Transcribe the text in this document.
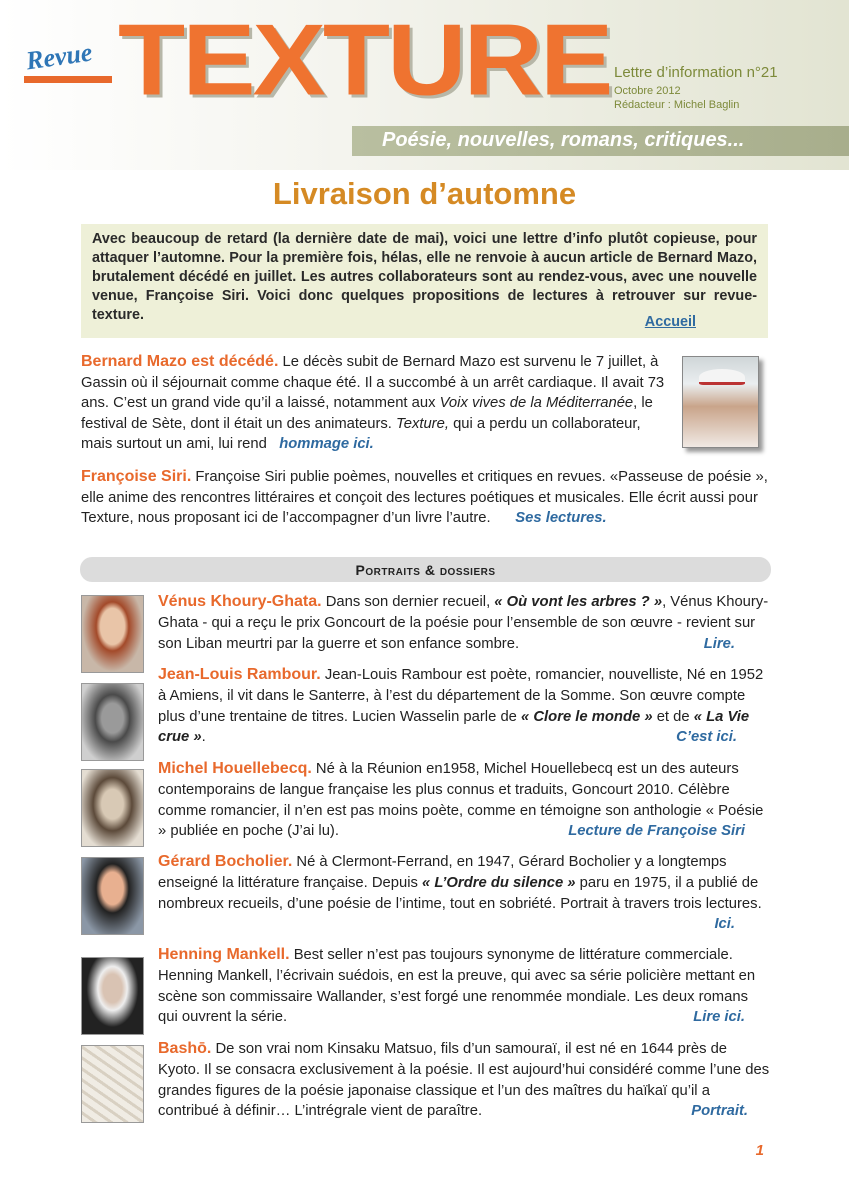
Revue TEXTURE Lettre d’information n°21
Octobre 2012
Rédacteur : Michel Baglin
Poésie, nouvelles, romans, critiques...
Livraison d’automne
Avec beaucoup de retard (la dernière date de mai), voici une lettre d’info plutôt copieuse, pour attaquer l’automne. Pour la première fois, hélas, elle ne renvoie à aucun article de Bernard Mazo, brutalement décédé en juillet. Les autres collaborateurs sont au rendez-vous, avec une nouvelle venue, Françoise Siri. Voici donc quelques propositions de lectures à retrouver sur revue-texture.	Accueil
Bernard Mazo est décédé. Le décès subit de Bernard Mazo est survenu le 7 juillet, à Gassin où il séjournait comme chaque été. Il a succombé à un arrêt cardiaque. Il avait 73 ans. C’est un grand vide qu’il a laissé, notamment aux Voix vives de la Méditerranée, le festival de Sète, dont il était un des animateurs. Texture, qui a perdu un collaborateur, mais surtout un ami, lui rend   hommage ici.
Françoise Siri. Françoise Siri publie poèmes, nouvelles et critiques en revues. «Passeuse de poésie », elle anime des rencontres littéraires et conçoit des lectures poétiques et musicales. Elle écrit aussi pour Texture, nous proposant ici de l’accompagner d’un livre l’autre. Ses lectures.
Portraits & dossiers
Vénus Khoury-Ghata. Dans son dernier recueil, « Où vont les arbres ? », Vénus Khoury-Ghata - qui a reçu le prix Goncourt de la poésie pour l’ensemble de son œuvre - revient sur son Liban meurtri par la guerre et son enfance sombre.	Lire.
Jean-Louis Rambour. Jean-Louis Rambour est poète, romancier, nouvelliste, Né en 1952 à Amiens, il vit dans le Santerre, à l’est du département de la Somme. Son œuvre compte plus d’une trentaine de titres. Lucien Wasselin parle de « Clore le monde » et de « La Vie crue ».	C’est ici.
Michel Houellebecq. Né à la Réunion en1958, Michel Houellebecq est un des auteurs contemporains de langue française les plus connus et traduits, Goncourt 2010. Célèbre comme romancier, il n’en est pas moins poète, comme en témoigne son anthologie « Poésie » publiée en poche (J’ai lu).	Lecture de Françoise Siri
Gérard Bocholier. Né à Clermont-Ferrand, en 1947, Gérard Bocholier y a longtemps enseigné la littérature française. Depuis « L’Ordre du silence » paru en 1975, il a publié de nombreux recueils, d’une poésie de l’intime, tout en sobriété. Portrait à travers trois lectures.
Ici.
Henning Mankell. Best seller n’est pas toujours synonyme de littérature commerciale. Henning Mankell, l’écrivain suédois, en est la preuve, qui avec sa série policière mettant en scène son commissaire Wallander, s’est forgé une renommée mondiale. Les deux romans qui ouvrent la série.	Lire ici.
Bashō. De son vrai nom Kinsaku Matsuo, fils d’un samouraï, il est né en 1644 près de Kyoto. Il se consacra exclusivement à la poésie. Il est aujourd’hui considéré comme l’une des grandes figures de la poésie japonaise classique et l’un des maîtres du haïkaï qu’il a contribué à définir… L’intrégrale vient de paraître.	Portrait.
1
